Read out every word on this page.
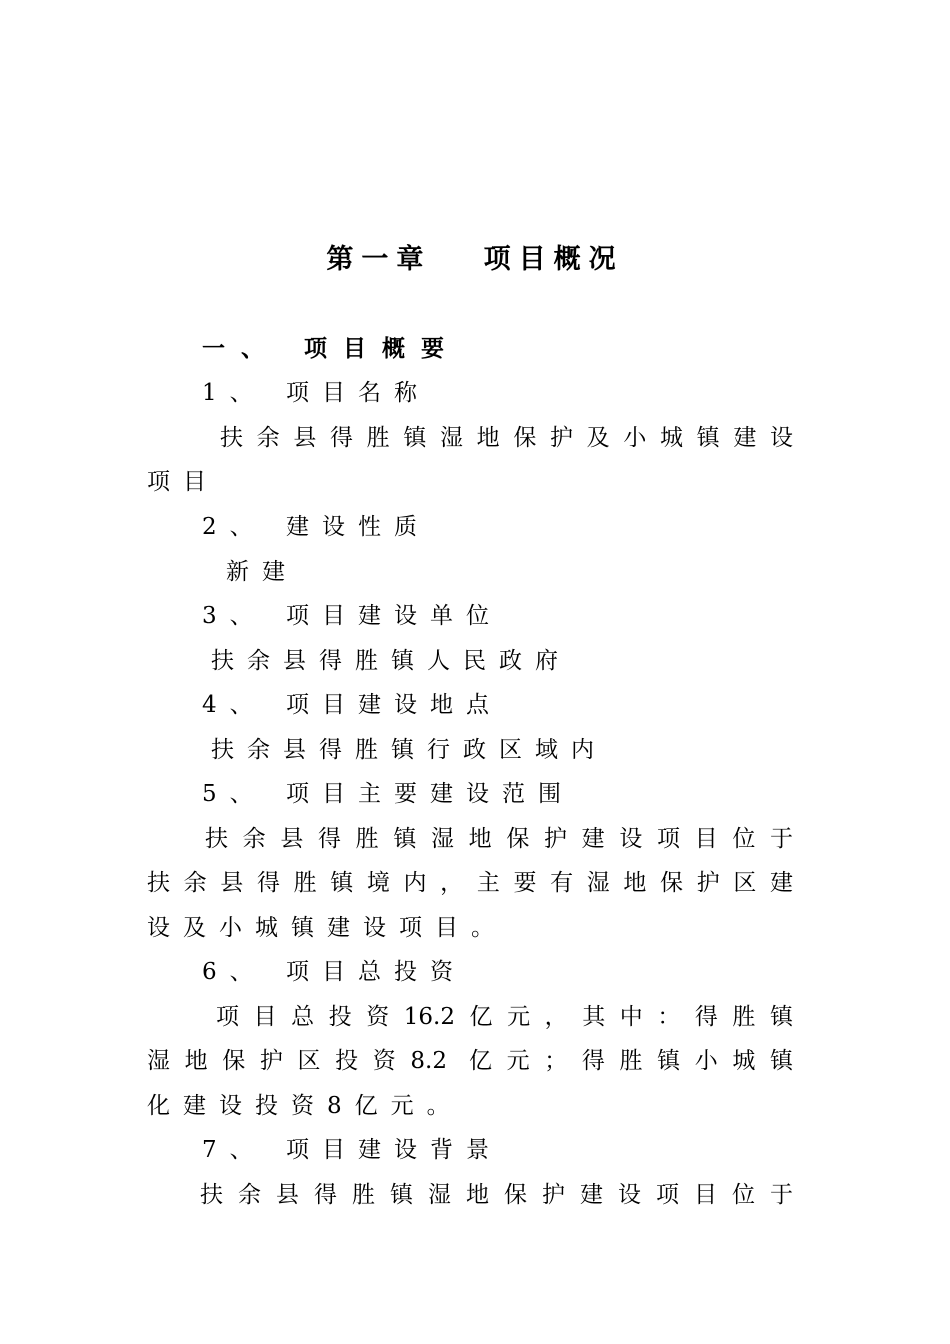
第一章   项目概况
一、 项目概要
1、 项目名称
扶余县得胜镇湿地保护及小城镇建设
项目
2、 建设性质
新建
3、 项目建设单位
扶余县得胜镇人民政府
4、 项目建设地点
扶余县得胜镇行政区域内
5、 项目主要建设范围
扶余县得胜镇湿地保护建设项目位于
扶余县得胜镇境内，主要有湿地保护区建
设及小城镇建设项目。
6、 项目总投资
项目总投资16.2亿元，其中：得胜镇
湿地保护区投资8.2 亿元；得胜镇小城镇
化建设投资8亿元。
7、 项目建设背景
扶余县得胜镇湿地保护建设项目位于
